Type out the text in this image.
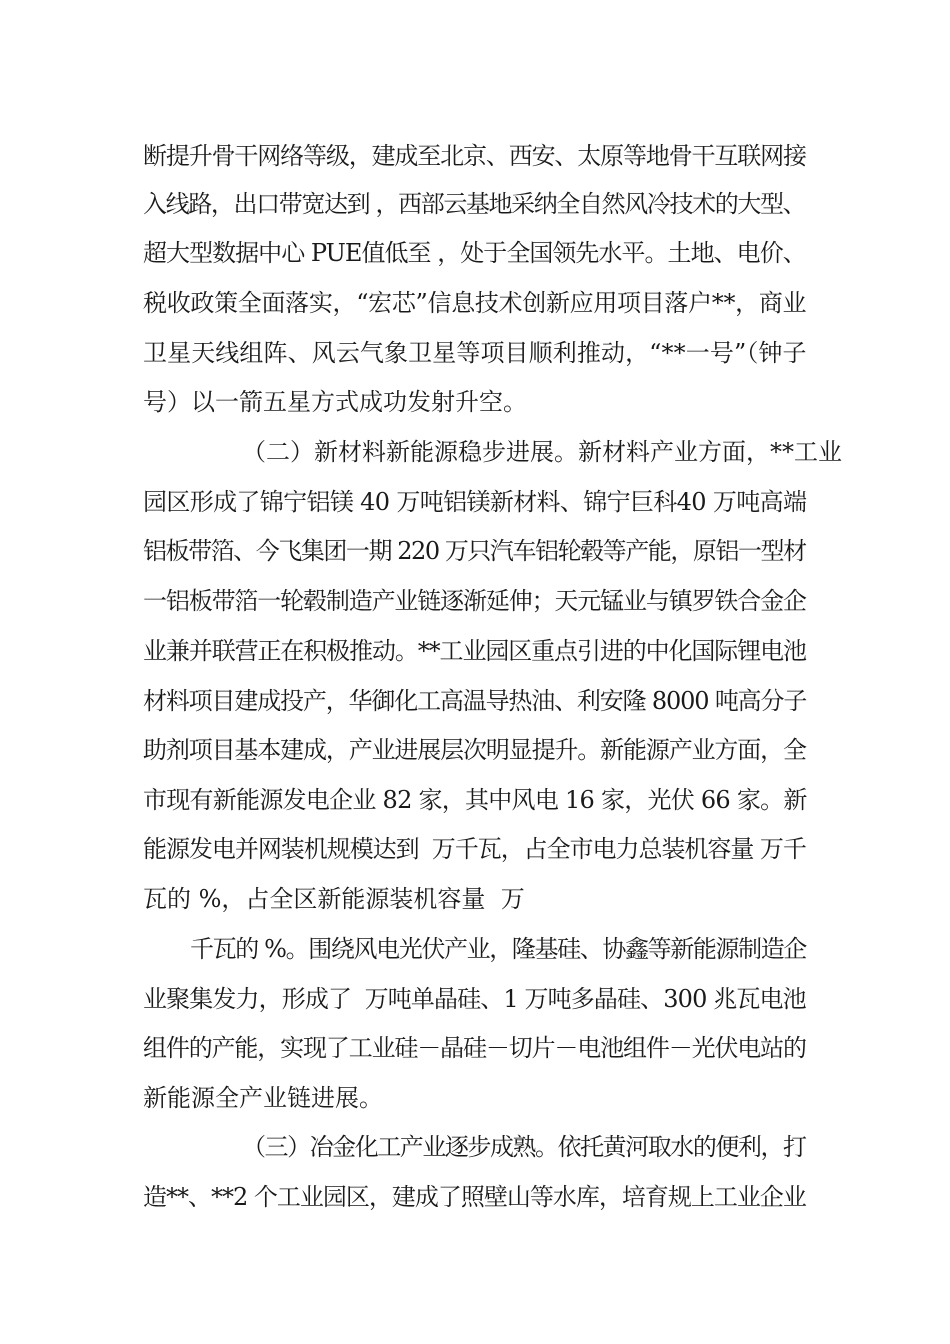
断提升骨干网络等级，建成至北京、西安、太原等地骨干互联网接
入线路，出口带宽达到 ，西部云基地采纳全自然风冷技术的大型、
超大型数据中心 PUE值低至 ，处于全国领先水平。土地、电价、
税收政策全面落实，“宏芯”信息技术创新应用项目落户**，商业
卫星天线组阵、风云气象卫星等项目顺利推动，“**一号”（钟子
号）以一箭五星方式成功发射升空。
（二）新材料新能源稳步进展。新材料产业方面，**工业
园区形成了锦宁铝镁 40 万吨铝镁新材料、锦宁巨科40 万吨高端
铝板带箔、今飞集团一期 220 万只汽车铝轮毂等产能，原铝一型材
一铝板带箔一轮毂制造产业链逐渐延伸；天元锰业与镇罗铁合金企
业兼并联营正在积极推动。**工业园区重点引进的中化国际锂电池
材料项目建成投产，华御化工高温导热油、利安隆 8000 吨高分子
助剂项目基本建成，产业进展层次明显提升。新能源产业方面，全
市现有新能源发电企业 82 家，其中风电 16 家，光伏 66 家。新
能源发电并网装机规模达到  万千瓦，占全市电力总装机容量 万千
瓦的 %，占全区新能源装机容量  万
千瓦的 %。围绕风电光伏产业，隆基硅、协鑫等新能源制造企
业聚集发力，形成了  万吨单晶硅、1 万吨多晶硅、300 兆瓦电池
组件的产能，实现了工业硅－晶硅－切片－电池组件－光伏电站的
新能源全产业链进展。
（三）冶金化工产业逐步成熟。依托黄河取水的便利，打
造**、**2 个工业园区，建成了照壁山等水库，培育规上工业企业
